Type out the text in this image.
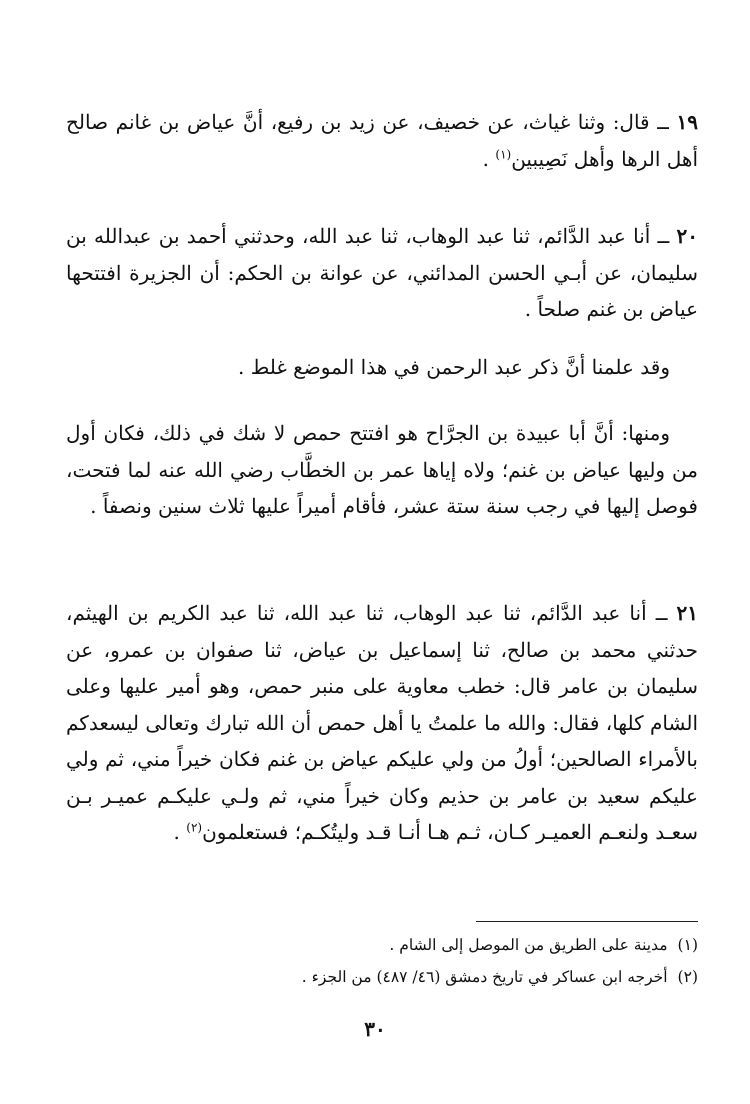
١٩ ــ قال: وثنا غياث، عن خصيف، عن زيد بن رفيع، أنَّ عياض بن غانم صالح أهل الرها وأهل نَصِيبين$^{(١)}$ .

٢٠ ــ أنا عبد الدَّائم، ثنا عبد الوهاب، ثنا عبد الله، وحدثني أحمد بن عبدالله بن سليمان، عن أبـي الحسن المدائني، عن عوانة بن الحكم: أن الجزيرة افتتحها عياض بن غنم صلحاً .

وقد علمنا أنَّ ذكر عبد الرحمن في هذا الموضع غلط .

ومنها: أنَّ أبا عبيدة بن الجرَّاح هو افتتح حمص لا شك في ذلك، فكان أول من وليها عياض بن غنم؛ ولاه إياها عمر بن الخطَّاب رضي الله عنه لما فتحت، فوصل إليها في رجب سنة ستة عشر، فأقام أميراً عليها ثلاث سنين ونصفاً .

٢١ ــ أنا عبد الدَّائم، ثنا عبد الوهاب، ثنا عبد الله، ثنا عبد الكريم بن الهيثم، حدثني محمد بن صالح، ثنا إسماعيل بن عياض، ثنا صفوان بن عمرو، عن سليمان بن عامر قال: خطب معاوية على منبر حمص، وهو أمير عليها وعلى الشام كلها، فقال: والله ما علمتُ يا أهل حمص أن الله تبارك وتعالى ليسعدكم بالأمراء الصالحين؛ أولُ من ولي عليكم عياض بن غنم فكان خيراً مني، ثم ولي عليكم سعيد بن عامر بن حذيم وكان خيراً مني، ثم ولـي عليكـم عميـر بـن سعـد ولنعـم العميـر كـان، ثـم هـا أنـا قـد وليتُكـم؛ فستعلمون$^{(٢)}$ .

(١)مدينة على الطريق من الموصل إلى الشام .
(٢)أخرجه ابن عساكر في تاريخ دمشق (٤٦/ ٤٨٧) من الجزء .
٣٠
